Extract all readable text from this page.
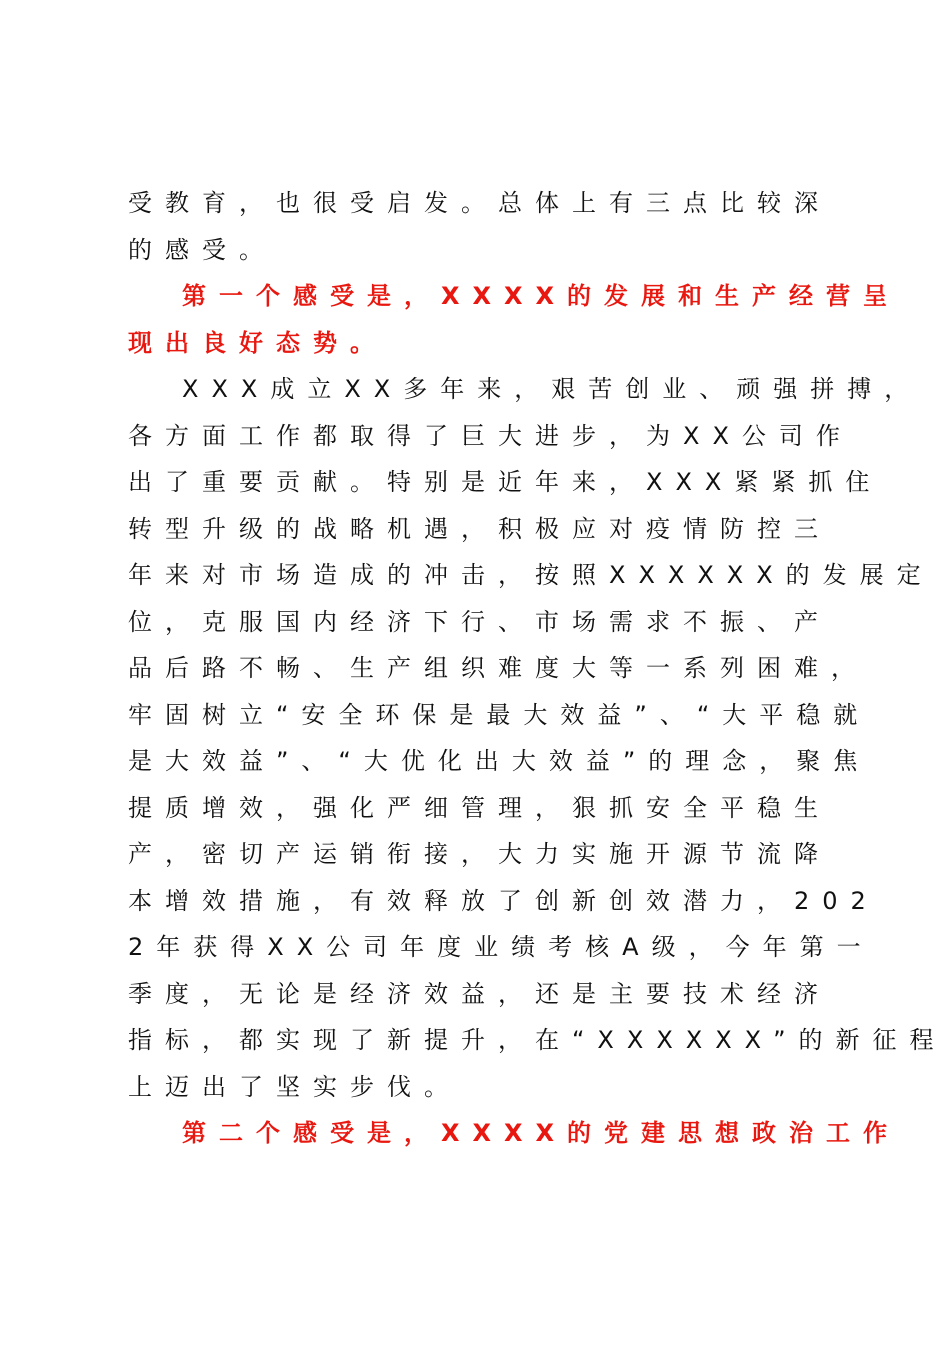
受教育，也很受启发。总体上有三点比较深
的感受。
第一个感受是，XXXX的发展和生产经营呈
现出良好态势。
XXX成立XX多年来，艰苦创业、顽强拼搏，
各方面工作都取得了巨大进步，为XX公司作
出了重要贡献。特别是近年来，XXX紧紧抓住
转型升级的战略机遇，积极应对疫情防控三
年来对市场造成的冲击，按照XXXXXX的发展定
位，克服国内经济下行、市场需求不振、产
品后路不畅、生产组织难度大等一系列困难，
牢固树立“安全环保是最大效益”、“大平稳就
是大效益”、“大优化出大效益”的理念，聚焦
提质增效，强化严细管理，狠抓安全平稳生
产，密切产运销衔接，大力实施开源节流降
本增效措施，有效释放了创新创效潜力，202
2年获得XX公司年度业绩考核A级，今年第一
季度，无论是经济效益，还是主要技术经济
指标，都实现了新提升，在“XXXXXX”的新征程
上迈出了坚实步伐。
第二个感受是，XXXX的党建思想政治工作
